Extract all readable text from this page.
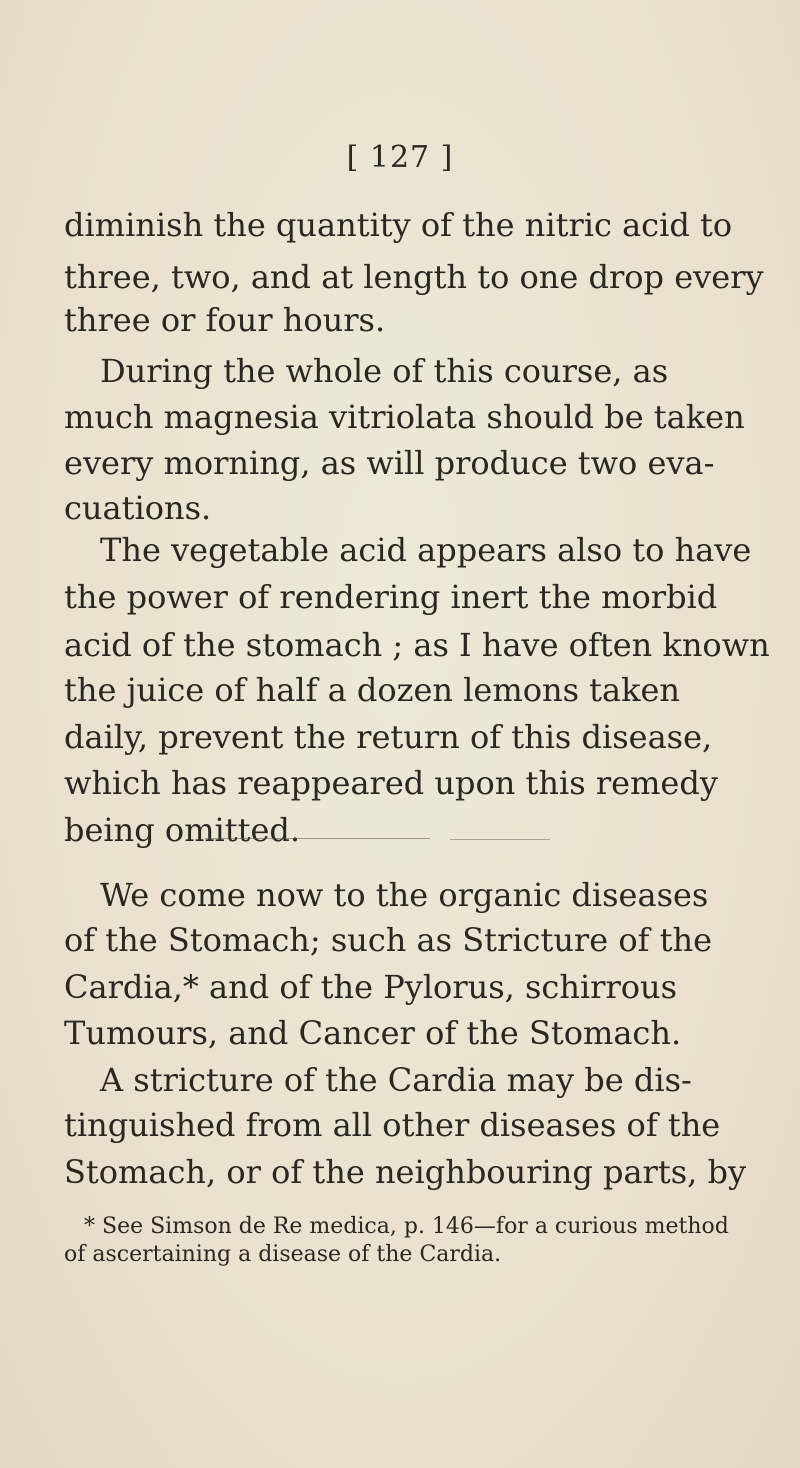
[ 127 ]
diminish the quantity of the nitric acid to
three, two, and at length to one drop every
three or four hours.
During the whole of this course, as
much magnesia vitriolata should be taken
every morning, as will produce two eva-
cuations.
The vegetable acid appears also to have
the power of rendering inert the morbid
acid of the stomach ; as I have often known
the juice of half a dozen lemons taken
daily, prevent the return of this disease,
which has reappeared upon this remedy
being omitted.
We come now to the organic diseases
of the Stomach; such as Stricture of the
Cardia,* and of the Pylorus, schirrous
Tumours, and Cancer of the Stomach.
A stricture of the Cardia may be dis-
tinguished from all other diseases of the
Stomach, or of the neighbouring parts, by
* See Simson de Re medica, p. 146—for a curious method
of ascertaining a disease of the Cardia.
